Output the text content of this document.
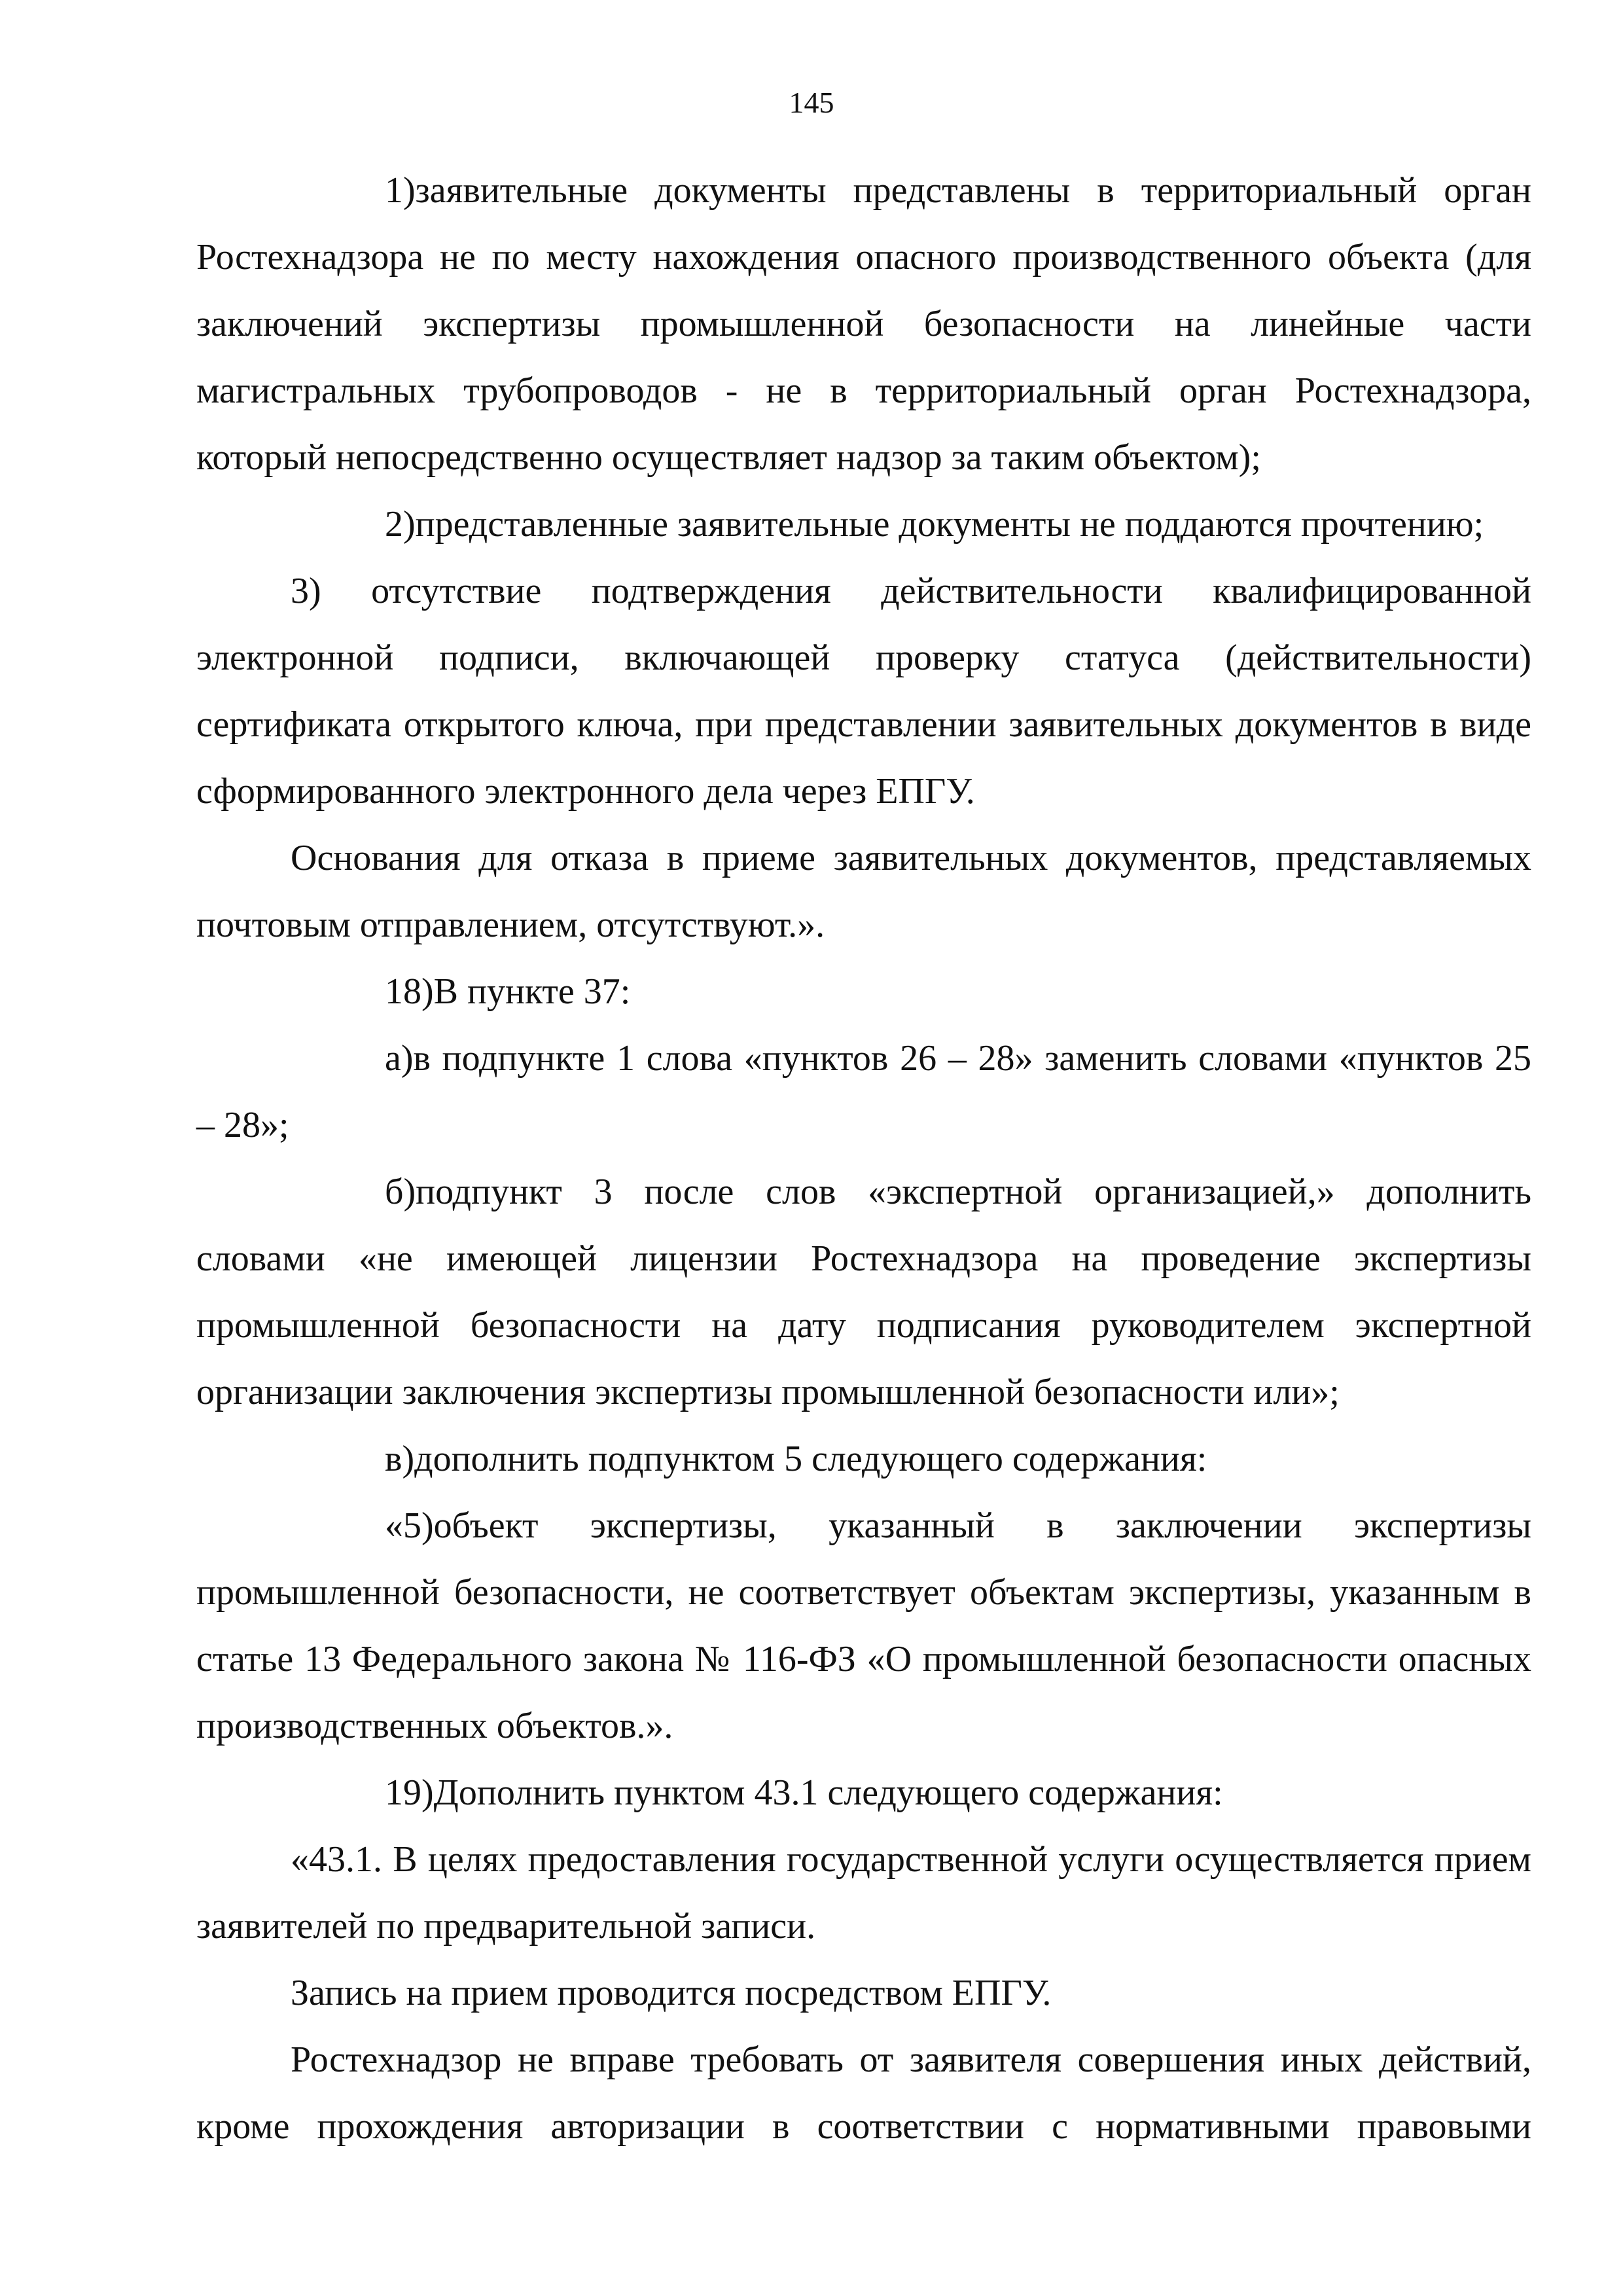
145

1)заявительные документы представлены в территориальный орган Ростехнадзора не по месту нахождения опасного производственного объекта (для заключений экспертизы промышленной безопасности на линейные части магистральных трубопроводов - не в территориальный орган Ростехнадзора, который непосредственно осуществляет надзор за таким объектом);

2)представленные заявительные документы не поддаются прочтению;

3) отсутствие подтверждения действительности квалифицированной электронной подписи, включающей проверку статуса (действительности) сертификата открытого ключа, при представлении заявительных документов в виде сформированного электронного дела через ЕПГУ.

Основания для отказа в приеме заявительных документов, представляемых почтовым отправлением, отсутствуют.».

18)В пункте 37:

а)в подпункте 1 слова «пунктов 26 – 28» заменить словами «пунктов 25 – 28»;

б)подпункт 3 после слов «экспертной организацией,» дополнить словами «не имеющей лицензии Ростехнадзора на проведение экспертизы промышленной безопасности на дату подписания руководителем экспертной организации заключения экспертизы промышленной безопасности или»;

в)дополнить подпунктом 5 следующего содержания:

«5)объект экспертизы, указанный в заключении экспертизы промышленной безопасности, не соответствует объектам экспертизы, указанным в статье 13 Федерального закона № 116-ФЗ «О промышленной безопасности опасных производственных объектов.».

19)Дополнить пунктом 43.1 следующего содержания:

«43.1. В целях предоставления государственной услуги осуществляется прием заявителей по предварительной записи.

Запись на прием проводится посредством ЕПГУ.

Ростехнадзор не вправе требовать от заявителя совершения иных действий, кроме прохождения авторизации в соответствии с нормативными правовыми
